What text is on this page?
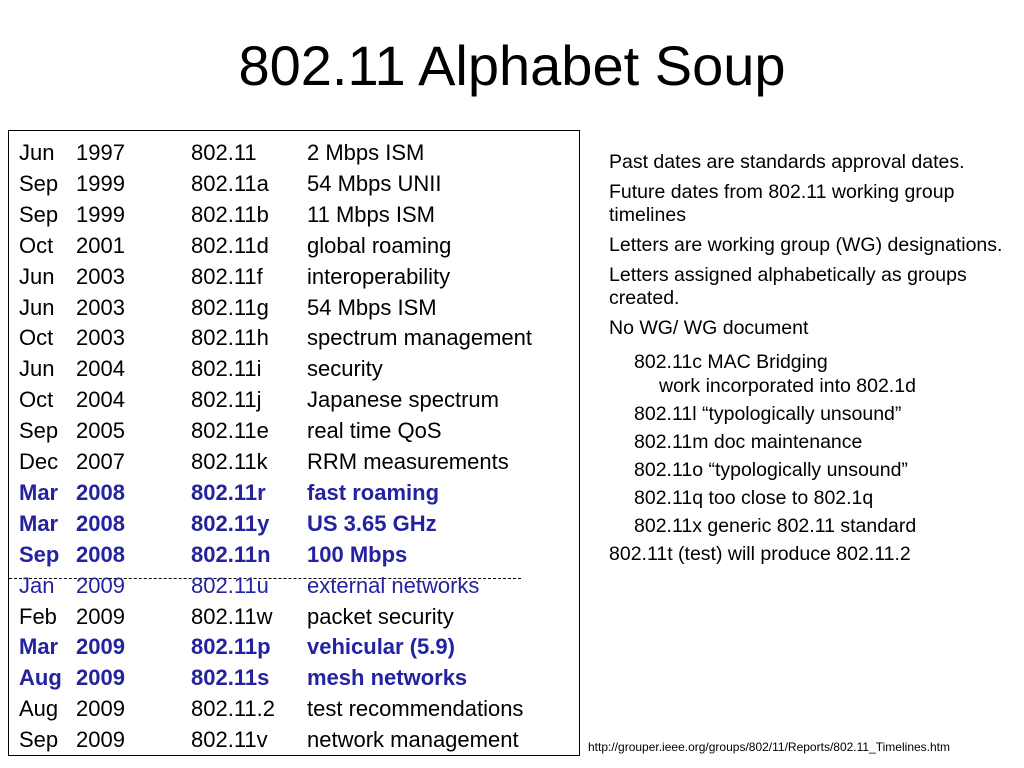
802.11 Alphabet Soup
Jun 1997	802.11 2 Mbps ISM
Sep 1999	802.11a 54 Mbps UNII
Sep 1999	802.11b 11 Mbps ISM
Oct 2001	802.11d global roaming
Jun 2003	802.11f interoperability
Jun 2003	802.11g 54 Mbps ISM
Oct 2003	802.11h spectrum management
Jun 2004	802.11i security
Oct 2004	802.11j Japanese spectrum
Sep 2005	802.11e real time QoS
Dec 2007	802.11k RRM measurements
Mar 2008	802.11r fast roaming
Mar 2008	802.11y US 3.65 GHz
Sep 2008	802.11n 100 Mbps
Jan 2009	802.11u external networks
Feb 2009	802.11w packet security
Mar 2009	802.11p vehicular (5.9)
Aug 2009	802.11s mesh networks
Aug 2009	802.11.2 test recommendations
Sep 2009	802.11v network management

Past dates are standards approval dates.

Future dates from 802.11 working group timelines

Letters are working group (WG) designations.

Letters assigned alphabetically as groups created.

No WG/ WG document

802.11c MAC Bridging

work incorporated into 802.1d

802.11l “typologically unsound”

802.11m doc maintenance

802.11o “typologically unsound”

802.11q too close to 802.1q

802.11x generic 802.11 standard

802.11t (test) will produce 802.11.2

http://grouper.ieee.org/groups/802/11/Reports/802.11_Timelines.htm
